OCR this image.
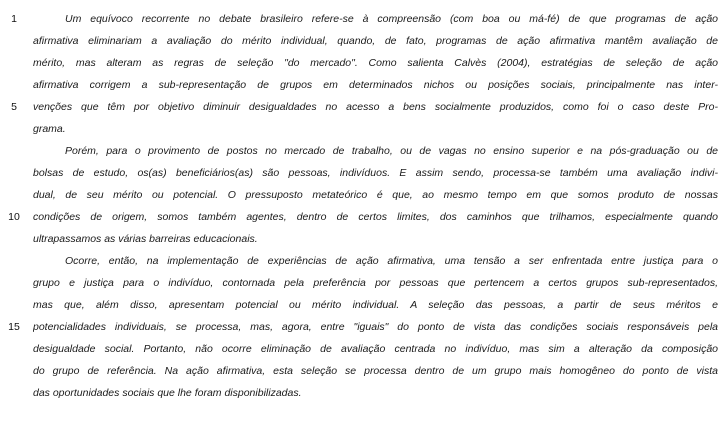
1	Um equívoco recorrente no debate brasileiro refere-se à compreensão (com boa ou má-fé) de que programas de ação
afirmativa eliminariam a avaliação do mérito individual, quando, de fato, programas de ação afirmativa mantêm avaliação de
mérito, mas alteram as regras de seleção "do mercado". Como salienta Calvès (2004), estratégias de seleção de ação
afirmativa corrigem a sub-representação de grupos em determinados nichos ou posições sociais, principalmente nas inter-
5	venções que têm por objetivo diminuir desigualdades no acesso a bens socialmente produzidos, como foi o caso deste Pro-
grama.
Porém, para o provimento de postos no mercado de trabalho, ou de vagas no ensino superior e na pós-graduação ou de
bolsas de estudo, os(as) beneficiários(as) são pessoas, indivíduos. E assim sendo, processa-se também uma avaliação indivi-
dual, de seu mérito ou potencial. O pressuposto metateórico é que, ao mesmo tempo em que somos produto de nossas
10 condições de origem, somos também agentes, dentro de certos limites, dos caminhos que trilhamos, especialmente quando
ultrapassamos as várias barreiras educacionais.
Ocorre, então, na implementação de experiências de ação afirmativa, uma tensão a ser enfrentada entre justiça para o
grupo e justiça para o indivíduo, contornada pela preferência por pessoas que pertencem a certos grupos sub-representados,
mas que, além disso, apresentam potencial ou mérito individual. A seleção das pessoas, a partir de seus méritos e
15 potencialidades individuais, se processa, mas, agora, entre "iguais" do ponto de vista das condições sociais responsáveis pela
desigualdade social. Portanto, não ocorre eliminação de avaliação centrada no indivíduo, mas sim a alteração da composição
do grupo de referência. Na ação afirmativa, esta seleção se processa dentro de um grupo mais homogêneo do ponto de vista
das oportunidades sociais que lhe foram disponibilizadas.
